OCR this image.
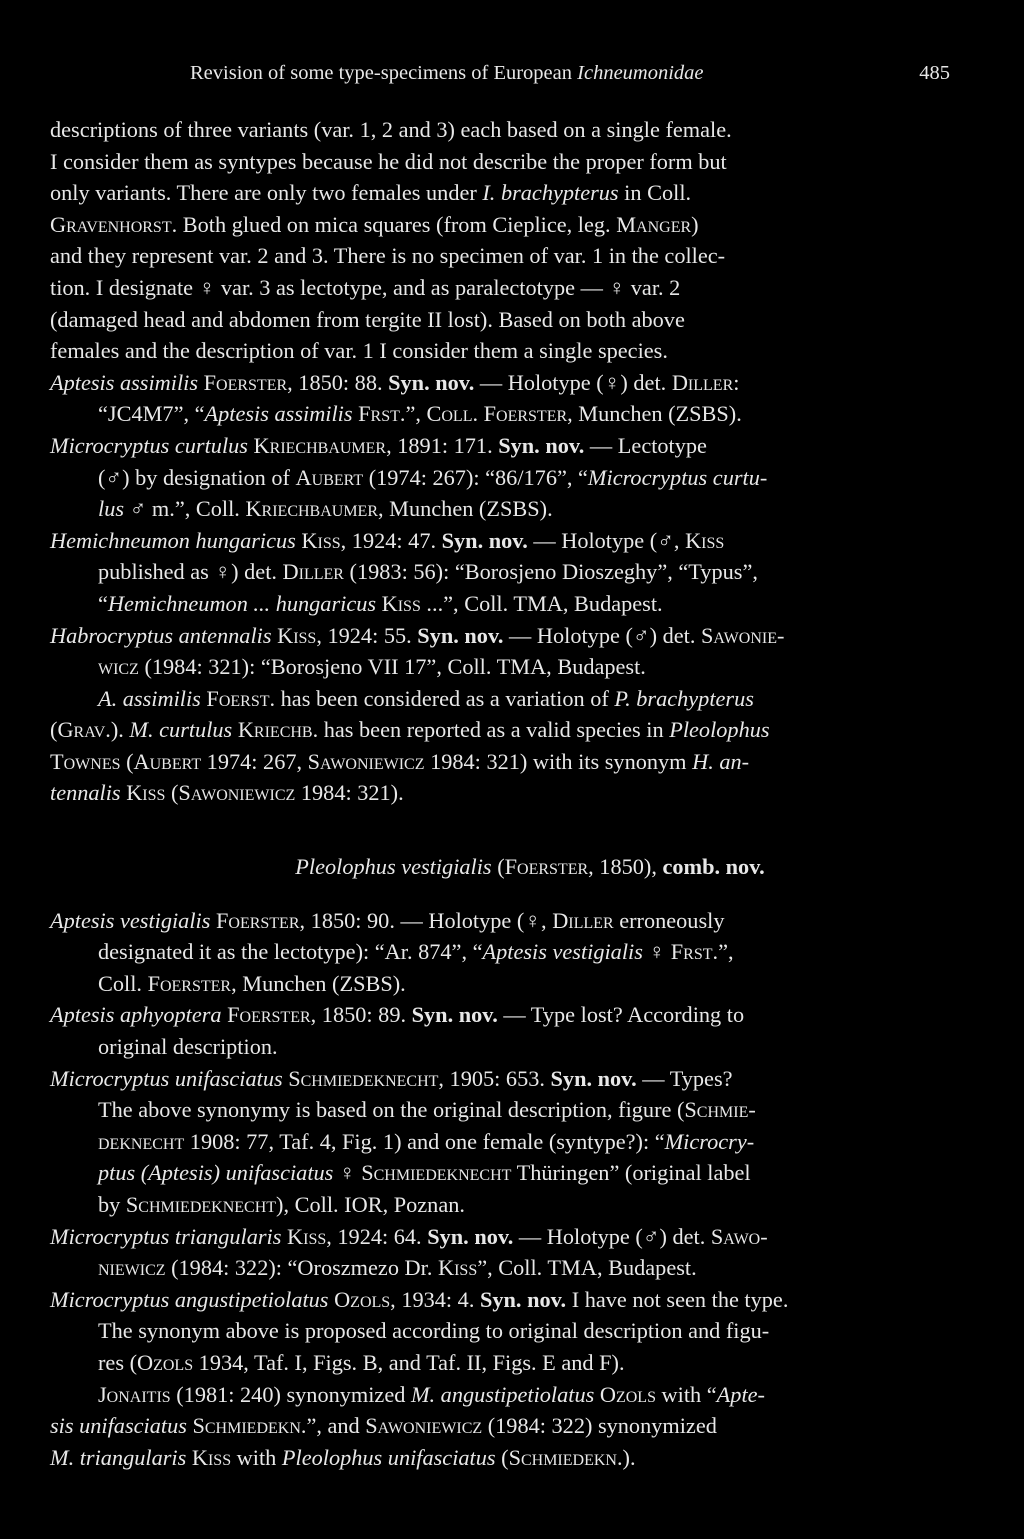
Revision of some type-specimens of European Ichneumonidae	485
descriptions of three variants (var. 1, 2 and 3) each based on a single female.
I consider them as syntypes because he did not describe the proper form but
only variants. There are only two females under I. brachypterus in Coll.
Gravenhorst. Both glued on mica squares (from Cieplice, leg. Manger)
and they represent var. 2 and 3. There is no specimen of var. 1 in the collec-
tion. I designate ♀ var. 3 as lectotype, and as paralectotype — ♀ var. 2
(damaged head and abdomen from tergite II lost). Based on both above
females and the description of var. 1 I consider them a single species.
Aptesis assimilis Foerster, 1850: 88. Syn. nov. — Holotype (♀) det. Diller:
“JC4M7”, “Aptesis assimilis Frst.”, Coll. Foerster, Munchen (ZSBS).
Microcryptus curtulus Kriechbaumer, 1891: 171. Syn. nov. — Lectotype
(♂) by designation of Aubert (1974: 267): “86/176”, “Microcryptus curtu-
lus ♂ m.”, Coll. Kriechbaumer, Munchen (ZSBS).
Hemichneumon hungaricus Kiss, 1924: 47. Syn. nov. — Holotype (♂, Kiss
published as ♀) det. Diller (1983: 56): “Borosjeno Dioszeghy”, “Typus”,
“Hemichneumon ... hungaricus Kiss ...”, Coll. TMA, Budapest.
Habrocryptus antennalis Kiss, 1924: 55. Syn. nov. — Holotype (♂) det. Sawonie-
wicz (1984: 321): “Borosjeno VII 17”, Coll. TMA, Budapest.
A. assimilis Foerst. has been considered as a variation of P. brachypterus
(Grav.). M. curtulus Kriechb. has been reported as a valid species in Pleolophus
Townes (Aubert 1974: 267, Sawoniewicz 1984: 321) with its synonym H. an-
tennalis Kiss (Sawoniewicz 1984: 321).
Pleolophus vestigialis (Foerster, 1850), comb. nov.
Aptesis vestigialis Foerster, 1850: 90. — Holotype (♀, Diller erroneously
designated it as the lectotype): “Ar. 874”, “Aptesis vestigialis ♀ Frst.”,
Coll. Foerster, Munchen (ZSBS).
Aptesis aphyoptera Foerster, 1850: 89. Syn. nov. — Type lost? According to
original description.
Microcryptus unifasciatus Schmiedeknecht, 1905: 653. Syn. nov. — Types?
The above synonymy is based on the original description, figure (Schmie-
deknecht 1908: 77, Taf. 4, Fig. 1) and one female (syntype?): “Microcry-
ptus (Aptesis) unifasciatus ♀ Schmiedeknecht Thüringen” (original label
by Schmiedeknecht), Coll. IOR, Poznan.
Microcryptus triangularis Kiss, 1924: 64. Syn. nov. — Holotype (♂) det. Sawo-
niewicz (1984: 322): “Oroszmezo Dr. Kiss”, Coll. TMA, Budapest.
Microcryptus angustipetiolatus Ozols, 1934: 4. Syn. nov. I have not seen the type.
The synonym above is proposed according to original description and figu-
res (Ozols 1934, Taf. I, Figs. B, and Taf. II, Figs. E and F).
Jonaitis (1981: 240) synonymized M. angustipetiolatus Ozols with “Apte-
sis unifasciatus Schmiedekn.”, and Sawoniewicz (1984: 322) synonymized
M. triangularis Kiss with Pleolophus unifasciatus (Schmiedekn.).
